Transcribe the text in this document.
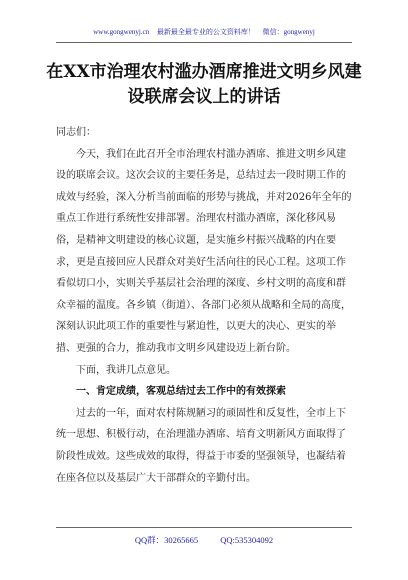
www.gongwenyj.cn 最新最全最专业的公文资料库！ 微信：gongwenyj
在XX市治理农村滥办酒席推进文明乡风建设联席会议上的讲话

同志们：

今天，我们在此召开全市治理农村滥办酒席、推进文明乡风建设的联席会议。这次会议的主要任务是，总结过去一段时期工作的成效与经验，深入分析当前面临的形势与挑战，并对2026年全年的重点工作进行系统性安排部署。治理农村滥办酒席，深化移风易俗，是精神文明建设的核心议题，是实施乡村振兴战略的内在要求，更是直接回应人民群众对美好生活向往的民心工程。这项工作看似切口小，实则关乎基层社会治理的深度、乡村文明的高度和群众幸福的温度。各乡镇（街道）、各部门必须从战略和全局的高度，深刻认识此项工作的重要性与紧迫性，以更大的决心、更实的举措、更强的合力，推动我市文明乡风建设迈上新台阶。

下面，我讲几点意见。

一、肯定成绩，客观总结过去工作中的有效探索

过去的一年，面对农村陈规陋习的顽固性和反复性，全市上下统一思想、积极行动，在治理滥办酒席、培育文明新风方面取得了阶段性成效。这些成效的取得，得益于市委的坚强领导，也凝结着在座各位以及基层广大干部群众的辛勤付出。

QQ群：30265665	QQ:535304092
